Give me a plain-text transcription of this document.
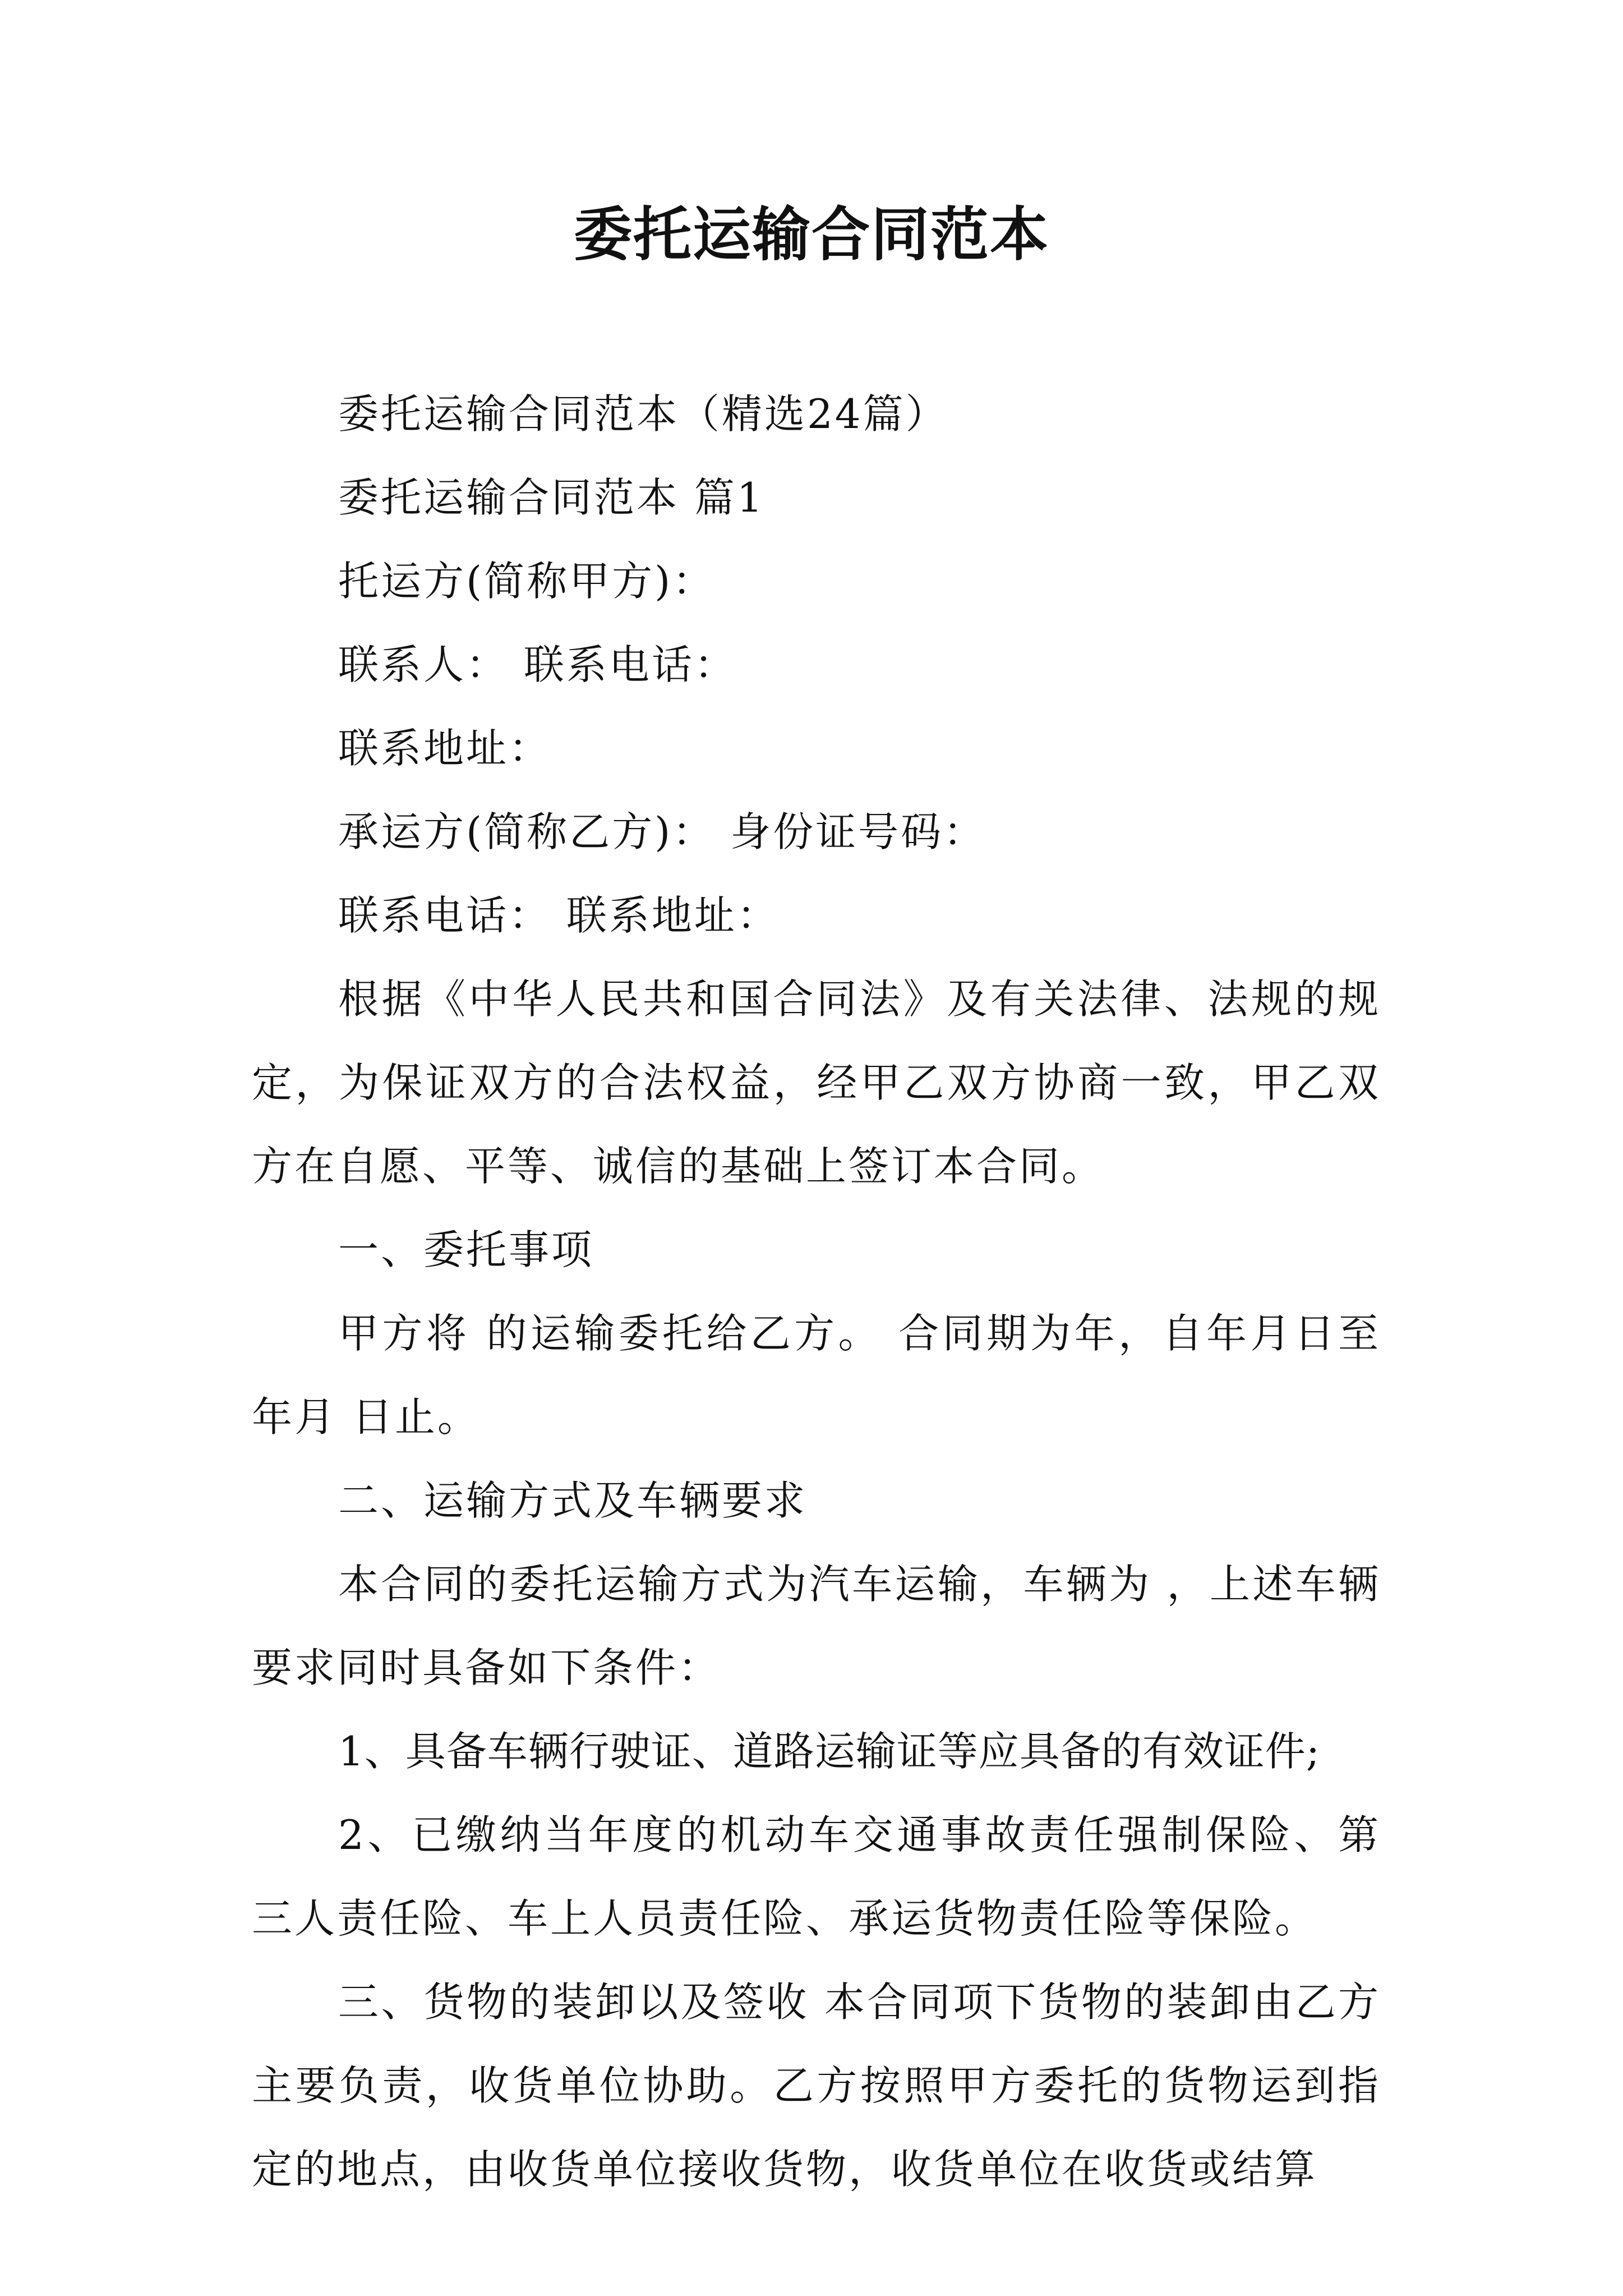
委托运输合同范本

委托运输合同范本（精选24篇）

委托运输合同范本 篇1

托运方(简称甲方)：

联系人： 联系电话：

联系地址：

承运方(简称乙方)： 身份证号码：

联系电话： 联系地址：

根据《中华人民共和国合同法》及有关法律、法规的规定，为保证双方的合法权益，经甲乙双方协商一致，甲乙双方在自愿、平等、诚信的基础上签订本合同。

一、委托事项

甲方将 的运输委托给乙方。 合同期为年，自年月日至年月 日止。

二、运输方式及车辆要求

本合同的委托运输方式为汽车运输，车辆为 ，上述车辆要求同时具备如下条件：

1、具备车辆行驶证、道路运输证等应具备的有效证件;

2、已缴纳当年度的机动车交通事故责任强制保险、第三人责任险、车上人员责任险、承运货物责任险等保险。

三、货物的装卸以及签收 本合同项下货物的装卸由乙方主要负责，收货单位协助。乙方按照甲方委托的货物运到指定的地点，由收货单位接收货物，收货单位在收货或结算
